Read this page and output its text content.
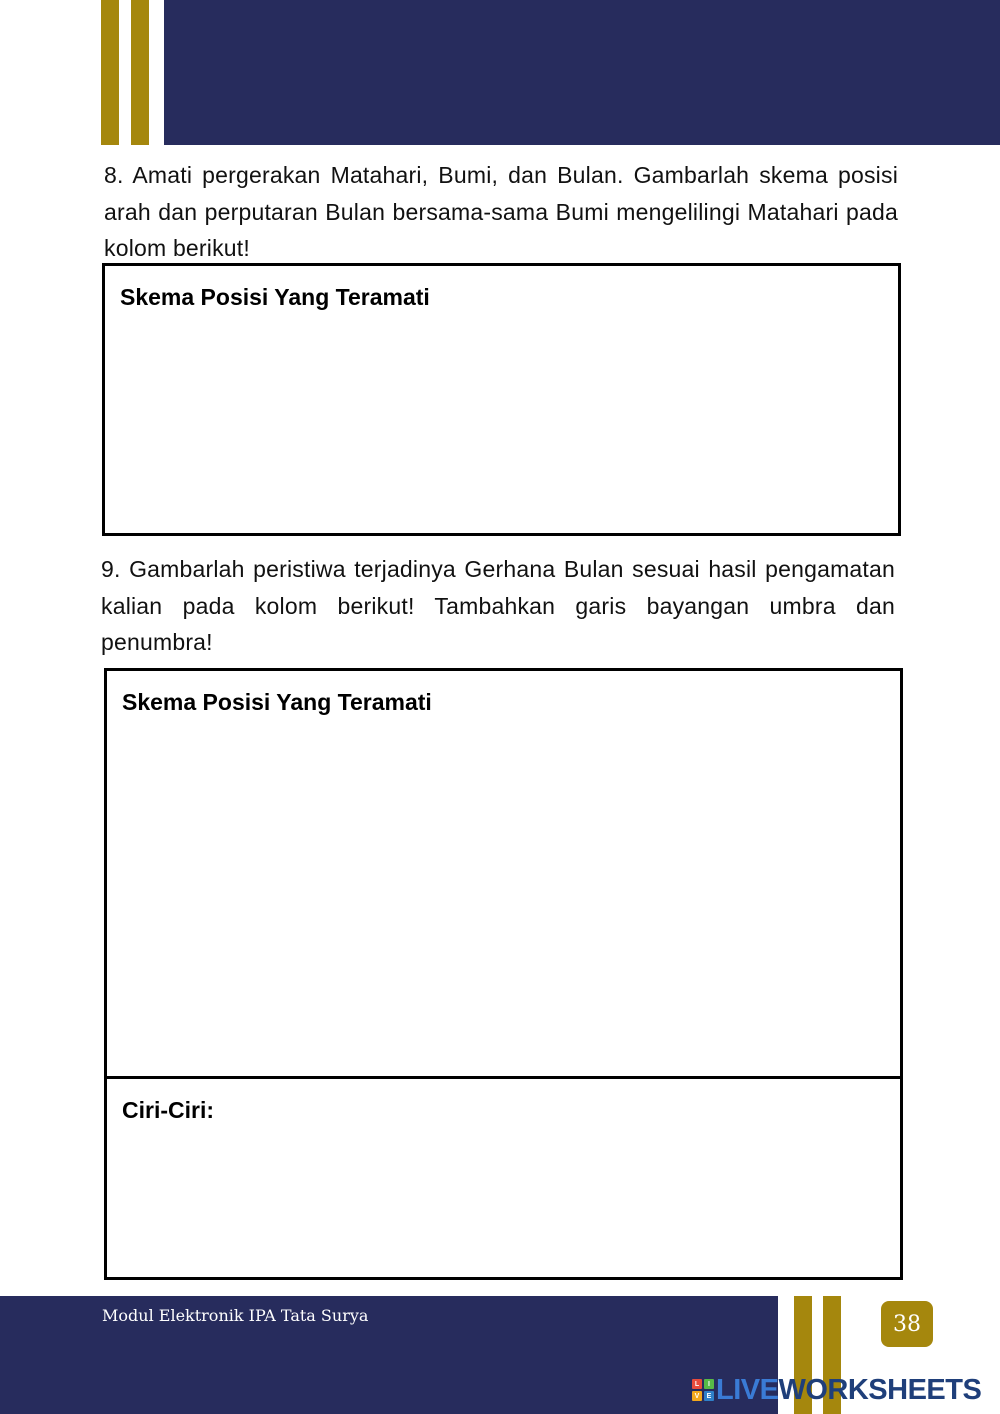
8. Amati pergerakan Matahari, Bumi, dan Bulan. Gambarlah skema posisi arah dan perputaran Bulan bersama-sama Bumi mengelilingi Matahari pada kolom berikut!
Skema Posisi Yang Teramati
9. Gambarlah peristiwa terjadinya Gerhana Bulan sesuai hasil pengamatan kalian pada kolom berikut! Tambahkan garis bayangan umbra dan penumbra!
Skema Posisi Yang Teramati
Ciri-Ciri:
Modul Elektronik IPA Tata Surya	38
L	I
V	E LIVE WORKSHEETS
